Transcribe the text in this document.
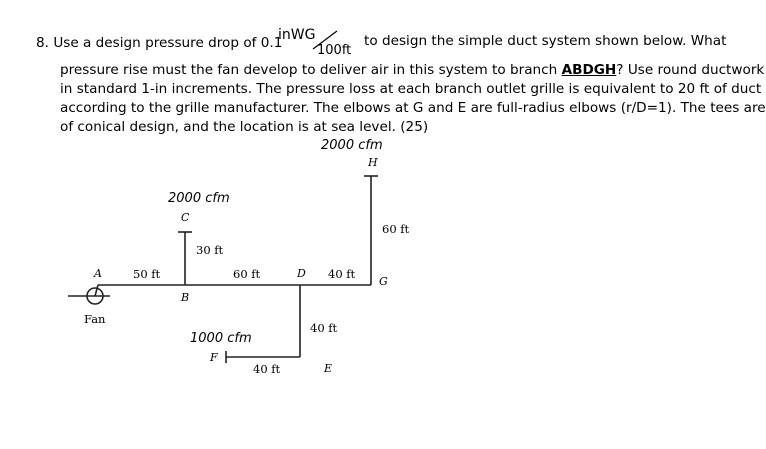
8. Use a design pressure drop of 0.1
inWG
100ft
to design the simple duct system shown below. What
pressure rise must the fan develop to deliver air in this system to branch ABDGH? Use round ductwork
in standard 1-in increments. The pressure loss at each branch outlet grille is equivalent to 20 ft of duct
according to the grille manufacturer. The elbows at G and E are full-radius elbows (r/D=1). The tees are
of conical design, and the location is at sea level. (25)
2000 cfm
2000 cfm
1000 cfm
H
C
A
B
D
G
E
F
50 ft
30 ft
60 ft	40 ft
60 ft
40 ft
40 ft
Fan
